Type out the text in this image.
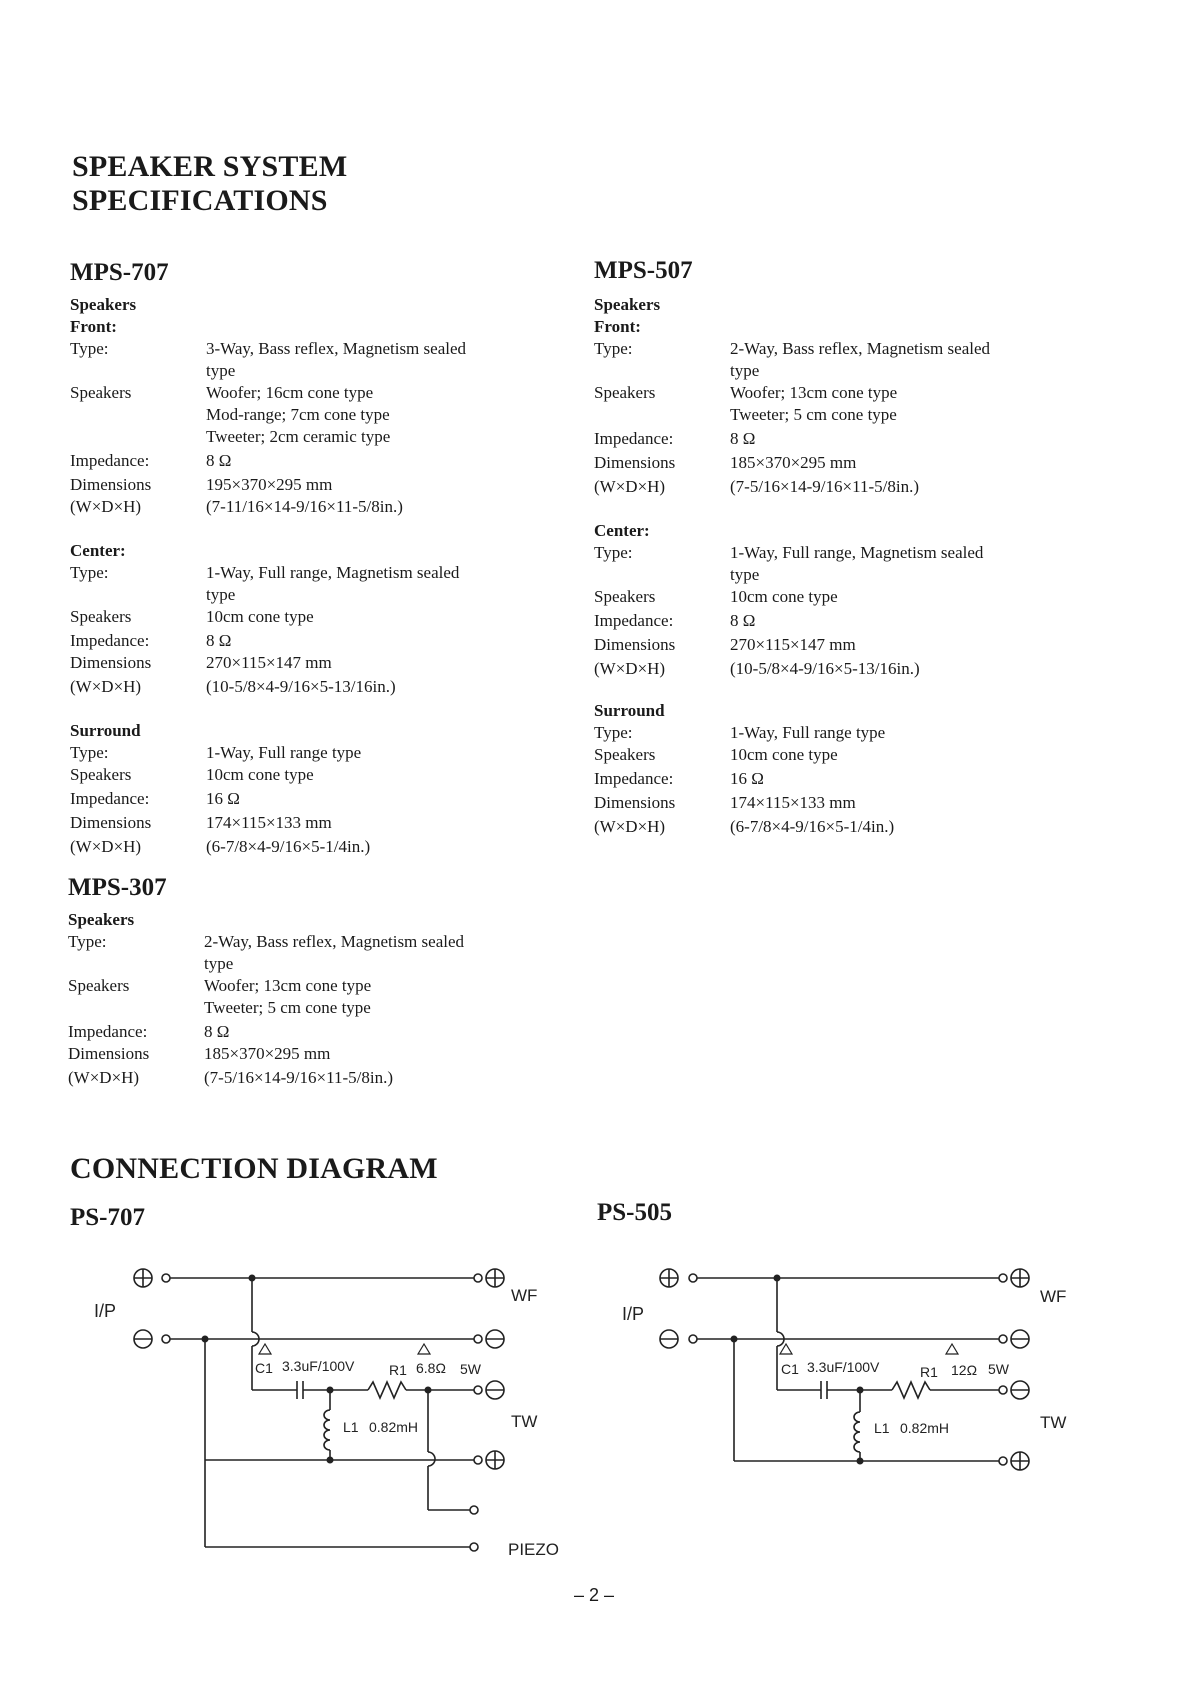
SPEAKER SYSTEM
SPECIFICATIONS
MPS-707
Speakers
Front:
Type:	3-Way, Bass reflex, Magnetism sealed
type
Speakers	Woofer; 16cm cone type
Mod-range; 7cm cone type
Tweeter; 2cm ceramic type
Impedance:	8 Ω
Dimensions	195×370×295 mm
(W×D×H)	(7-11/16×14-9/16×11-5/8in.)
Center:
Type:	1-Way, Full range, Magnetism sealed
type
Speakers	10cm cone type
Impedance:	8 Ω
Dimensions	270×115×147 mm
(W×D×H)	(10-5/8×4-9/16×5-13/16in.)
Surround
Type:	1-Way, Full range type
Speakers	10cm cone type
Impedance:	16 Ω
Dimensions	174×115×133 mm
(W×D×H)	(6-7/8×4-9/16×5-1/4in.)
MPS-307
Speakers
Type:	2-Way, Bass reflex, Magnetism sealed
type
Speakers	Woofer; 13cm cone type
Tweeter; 5 cm cone type
Impedance:	8 Ω
Dimensions	185×370×295 mm
(W×D×H)	(7-5/16×14-9/16×11-5/8in.)
MPS-507
Speakers
Front:
Type:	2-Way, Bass reflex, Magnetism sealed
type
Speakers	Woofer; 13cm cone type
Tweeter; 5 cm cone type
Impedance:	8 Ω
Dimensions	185×370×295 mm
(W×D×H)	(7-5/16×14-9/16×11-5/8in.)
Center:
Type:	1-Way, Full range, Magnetism sealed
type
Speakers	10cm cone type
Impedance:	8 Ω
Dimensions	270×115×147 mm
(W×D×H)	(10-5/8×4-9/16×5-13/16in.)
Surround
Type:	1-Way, Full range type
Speakers	10cm cone type
Impedance:	16 Ω
Dimensions	174×115×133 mm
(W×D×H)	(6-7/8×4-9/16×5-1/4in.)
CONNECTION DIAGRAM
PS-707	PS-505
I/P
WF
TW
PIEZO
C1 3.3uF/100V R1 6.8Ω 5W
L1 0.82mH
I/P
WF
TW
C1 3.3uF/100V	R1 12Ω 5W
L1 0.82mH
– 2 –
